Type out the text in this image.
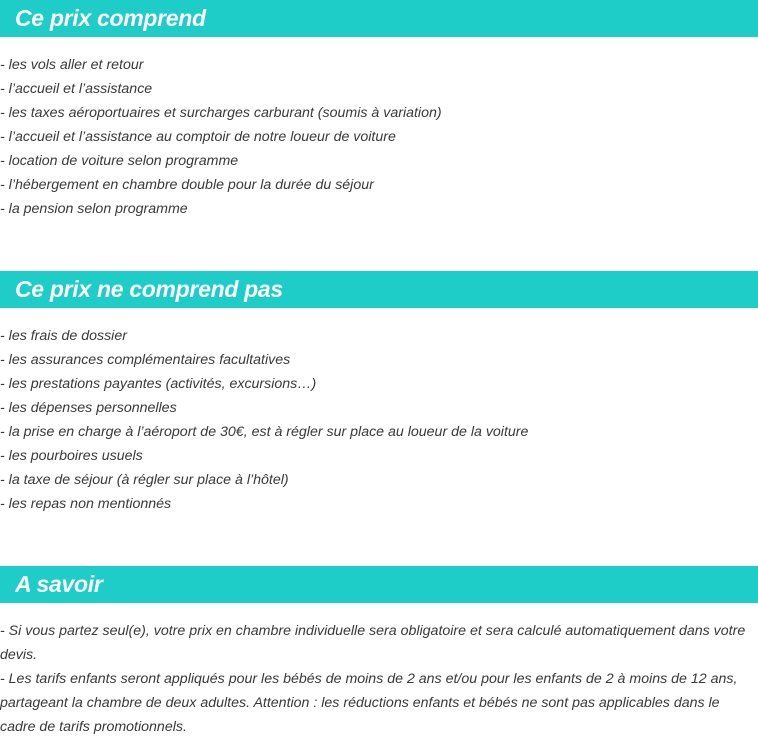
Ce prix comprend
- les vols aller et retour
- l’accueil et l’assistance
- les taxes aéroportuaires et surcharges carburant (soumis à variation)
- l’accueil et l’assistance au comptoir de notre loueur de voiture
- location de voiture selon programme
- l’hébergement en chambre double pour la durée du séjour
- la pension selon programme
Ce prix ne comprend pas
- les frais de dossier
- les assurances complémentaires facultatives
- les prestations payantes (activités, excursions…)
- les dépenses personnelles
- la prise en charge à l’aéroport de 30€, est à régler sur place au loueur de la voiture
- les pourboires usuels
- la taxe de séjour (à régler sur place à l’hôtel)
- les repas non mentionnés
A savoir

- Si vous partez seul(e), votre prix en chambre individuelle sera obligatoire et sera calculé automatiquement dans votre devis.

- Les tarifs enfants seront appliqués pour les bébés de moins de 2 ans et/ou pour les enfants de 2 à moins de 12 ans, partageant la chambre de deux adultes. Attention : les réductions enfants et bébés ne sont pas applicables dans le cadre de tarifs promotionnels.
